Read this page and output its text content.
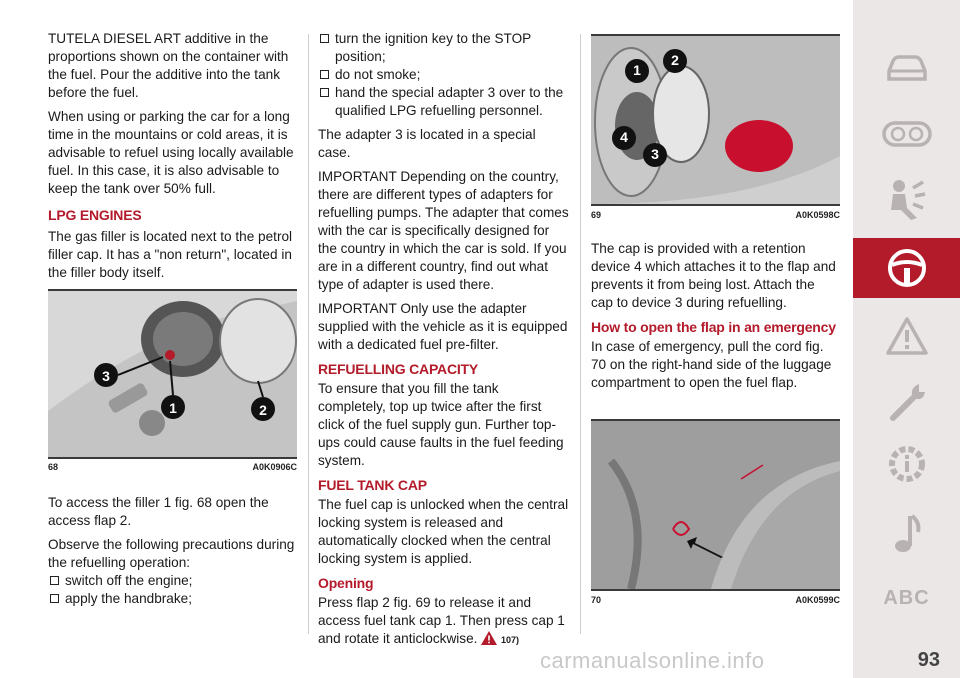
TUTELA DIESEL ART additive in the proportions shown on the container with the fuel. Pour the additive into the tank before the fuel.

When using or parking the car for a long time in the mountains or cold areas, it is advisable to refuel using locally available fuel. In this case, it is also advisable to keep the tank over 50% full.

LPG ENGINES

The gas filler is located next to the petrol filler cap. It has a "non return", located in the filler body itself.

3
1	2
68	A0K0906C

To access the filler 1 fig. 68 open the access flap 2.

Observe the following precautions during the refuelling operation:

switch off the engine;
apply the handbrake;
turn the ignition key to the STOP position;
do not smoke;
hand the special adapter 3 over to the qualified LPG refuelling personnel.

The adapter 3 is located in a special case.

IMPORTANT Depending on the country, there are different types of adapters for refuelling pumps. The adapter that comes with the car is specifically designed for the country in which the car is sold. If you are in a different country, find out what type of adapter is used there.

IMPORTANT Only use the adapter supplied with the vehicle as it is equipped with a dedicated fuel pre-filter.

REFUELLING CAPACITY

To ensure that you fill the tank completely, top up twice after the first click of the fuel supply gun. Further top-ups could cause faults in the fuel feeding system.

FUEL TANK CAP

The fuel cap is unlocked when the central locking system is released and automatically clocked when the central locking system is applied.

Opening

Press flap 2 fig. 69 to release it and access fuel tank cap 1. Then press cap 1 and rotate it anticlockwise.	107)

1
2
4
3
69	A0K0598C

The cap is provided with a retention device 4 which attaches it to the flap and prevents it from being lost. Attach the cap to device 3 during refuelling.

How to open the flap in an emergency

In case of emergency, pull the cord fig. 70 on the right-hand side of the luggage compartment to open the fuel flap.

70	A0K0599C ABC
carmanualsonline.info	93
